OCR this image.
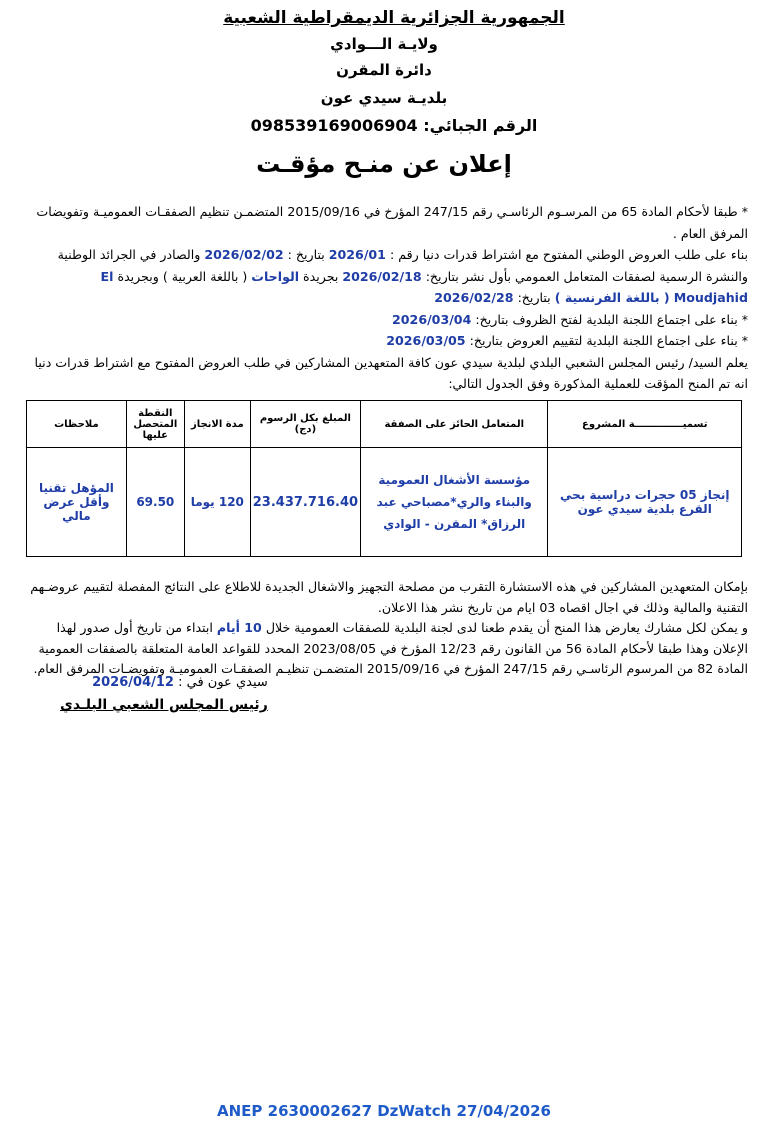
الجمهورية الجزائرية الديمقراطية الشعبية
ولايـة الـــوادي
دائرة المقرن
بلديـة سيدي عون
الرقم الجبائي: 098539169006904
إعلان عن منـح مؤقـت
* طبقا لأحكام المادة 65 من المرسـوم الرئاسـي رقم 247/15 المؤرخ في 2015/09/16 المتضمـن تنظيم الصفقـات العموميـة وتفويضات المرفق العام .
بناء على طلب العروض الوطني المفتوح مع اشتراط قدرات دنيا رقم : 2026/01 بتاريخ : 2026/02/02 والصادر في الجرائد الوطنية والنشرة الرسمية لصفقات المتعامل العمومي بأول نشر بتاريخ: 2026/02/18 بجريدة الواحات ( باللغة العربية ) وبجريدة El Moudjahid ( باللغة الفرنسية ) بتاريخ: 2026/02/28
* بناء على اجتماع اللجنة البلدية لفتح الظروف بتاريخ: 2026/03/04
* بناء على اجتماع اللجنة البلدية لتقييم العروض بتاريخ: 2026/03/05
يعلم السيد/ رئيس المجلس الشعبي البلدي لبلدية سيدي عون كافة المتعهدين المشاركين في طلب العروض المفتوح مع اشتراط قدرات دنيا انه تم المنح المؤقت للعملية المذكورة وفق الجدول التالي:
تسميــــــــــــــة المشروع	المتعامل الحائز على الصفقة	المبلغ بكل الرسوم (دج)	مدة الانجاز	النقطة المتحصل عليها	ملاحظات
إنجاز 05 حجرات دراسية بحي القرع بلدية سيدي عون	مؤسسة الأشغال العمومية والبناء والري*مصباحي عبد الرزاق* المقرن - الوادي	23.437.716.40	120 يوما	69.50	المؤهل تقنيا وأقل عرض مالي
بإمكان المتعهدين المشاركين في هذه الاستشارة التقرب من مصلحة التجهيز والاشغال الجديدة للاطلاع على النتائج المفصلة لتقييم عروضـهم التقنية والمالية وذلك في اجال اقصاه 03 ايام من تاريخ نشر هذا الاعلان.
و يمكن لكل مشارك يعارض هذا المنح أن يقدم طعنا لدى لجنة البلدية للصفقات العمومية خلال 10 أيام ابتداء من تاريخ أول صدور لهذا الإعلان وهذا طبقا لأحكام المادة 56 من القانون رقم 12/23 المؤرخ في 2023/08/05 المحدد للقواعد العامة المتعلقة بالصفقات العمومية المادة 82 من المرسوم الرئاسـي رقم 247/15 المؤرخ في 2015/09/16 المتضمـن تنظيـم الصفقـات العموميـة وتفويضـات المرفق العام.
سيدي عون في : 2026/04/12
رئيس المجلس الشعبي البلـدي
ANEP 2630002627 DzWatch 27/04/2026
